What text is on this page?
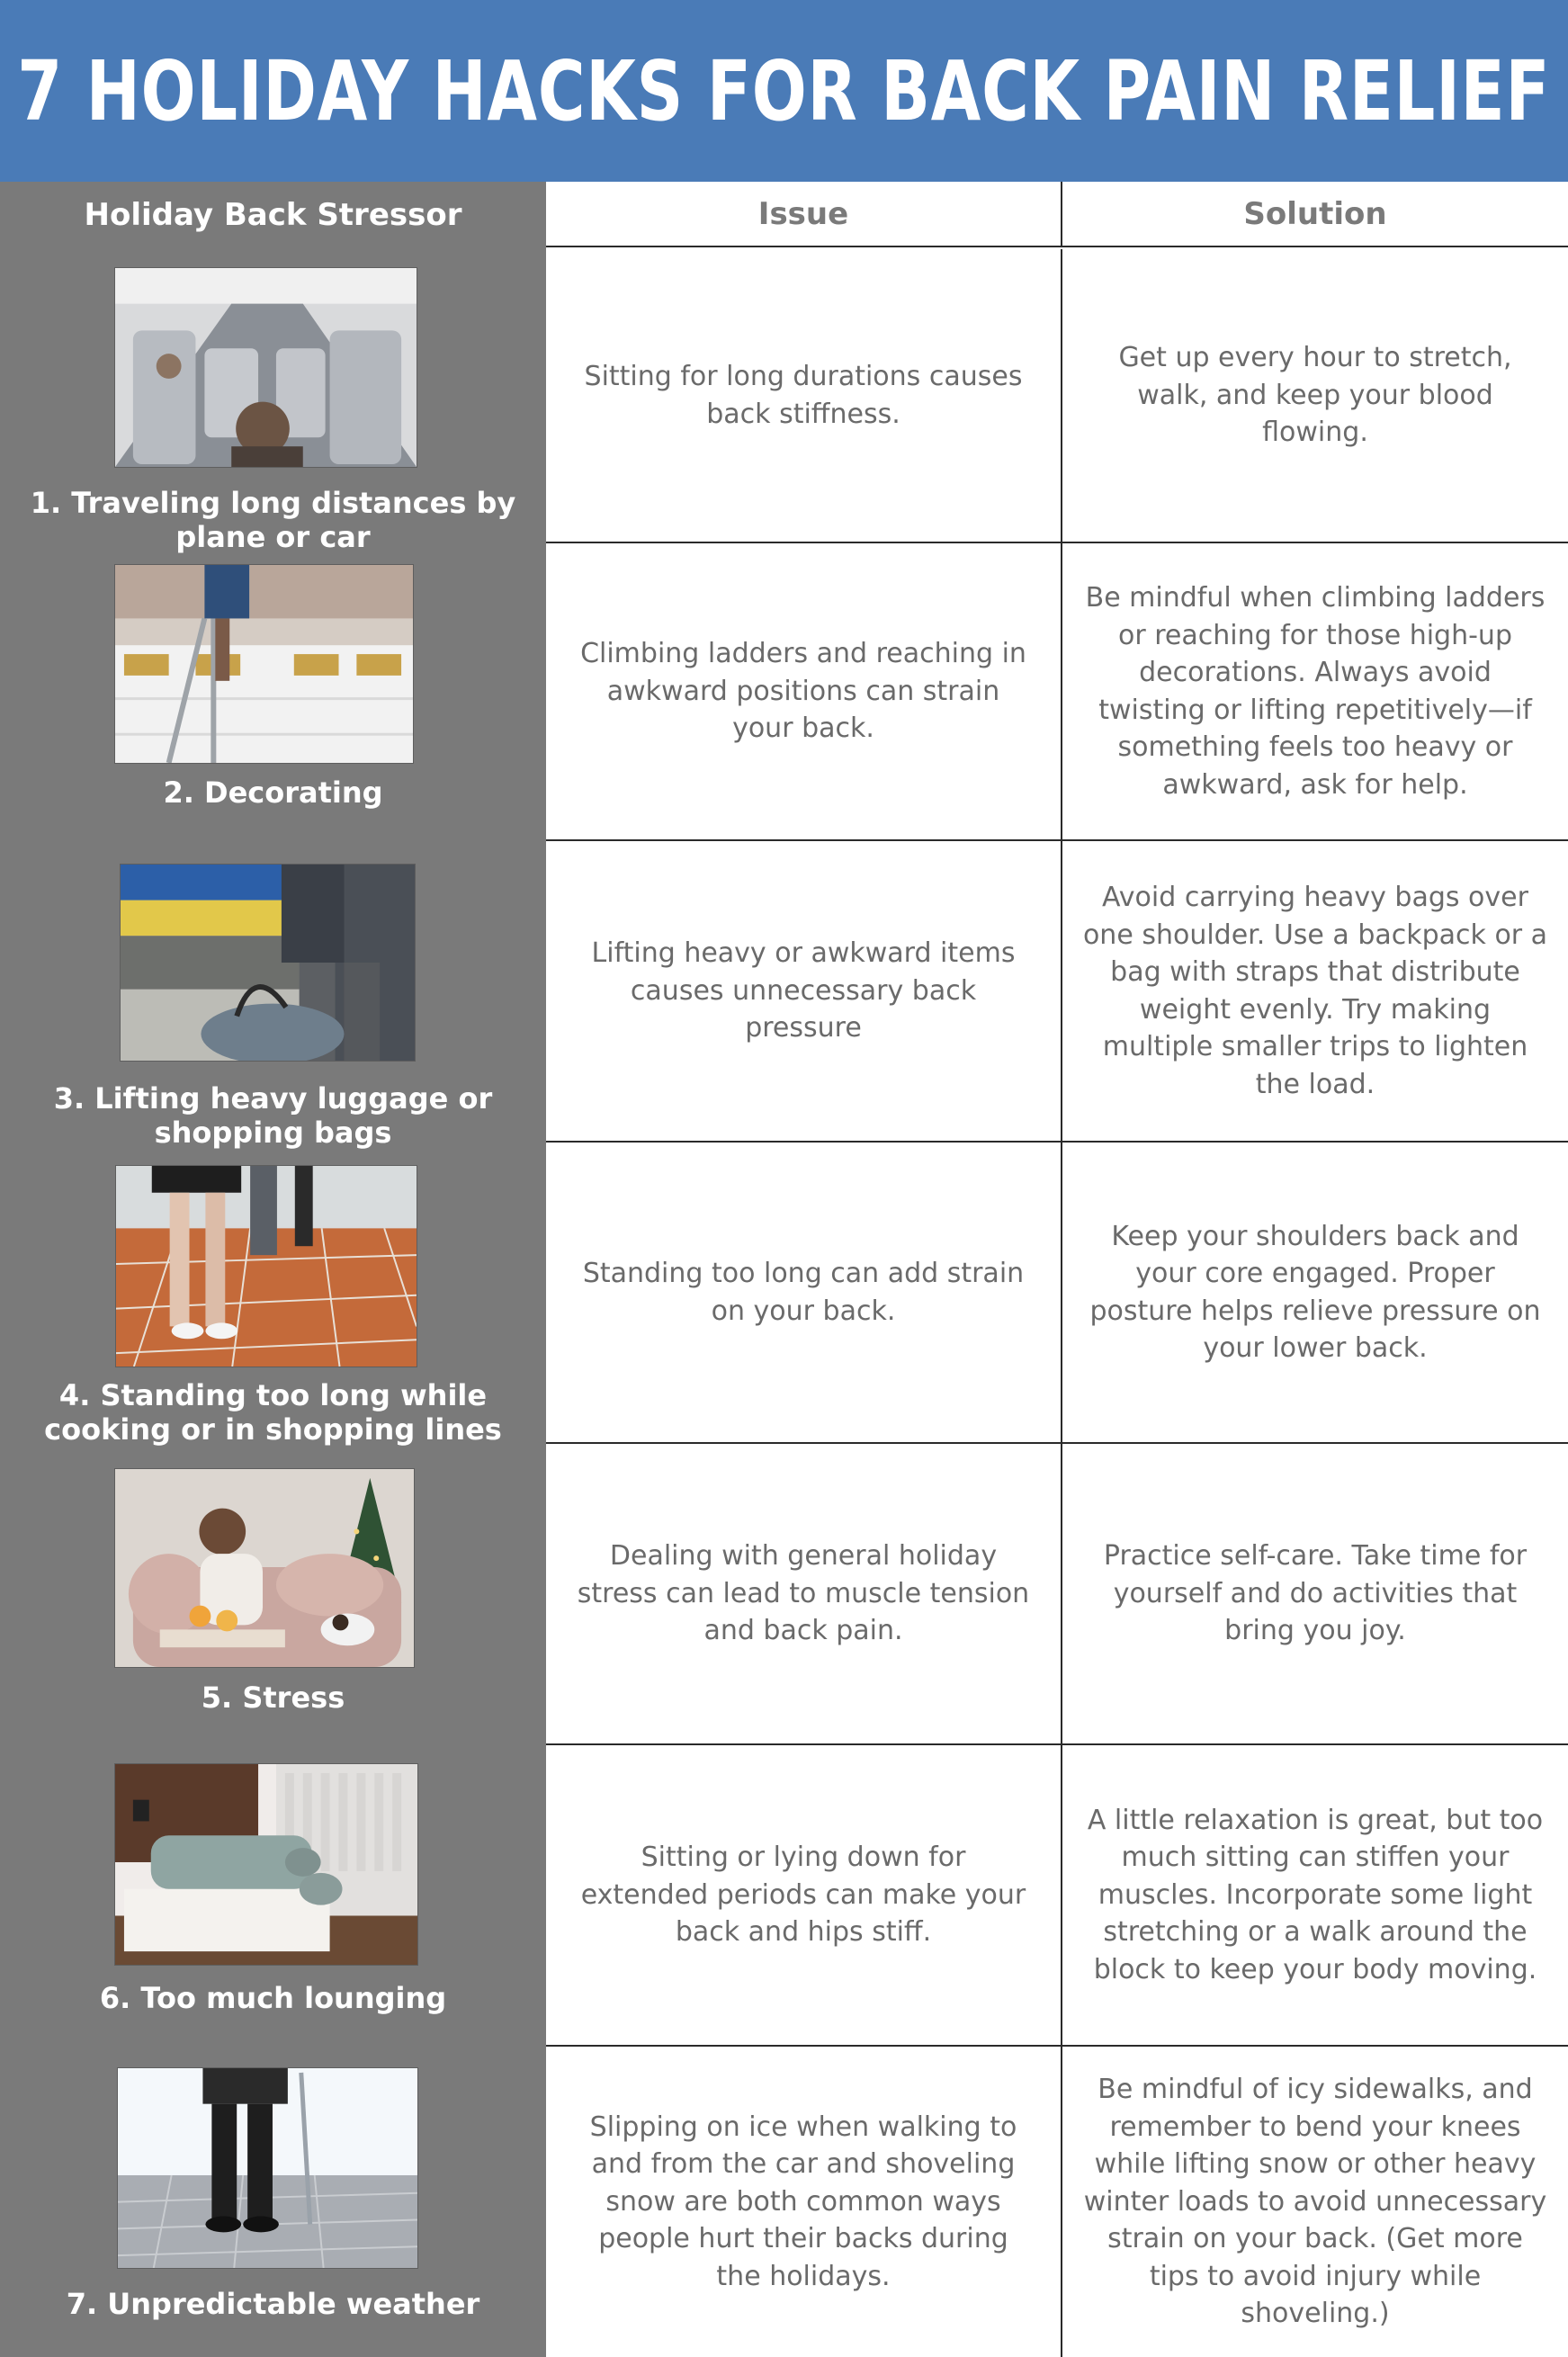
7 HOLIDAY HACKS FOR BACK PAIN RELIEF
Holiday Back Stressor	Issue	Solution
Sitting for long durations causes back stiffness.
Get up every hour to stretch, walk, and keep your blood flowing.
Climbing ladders and reaching in awkward positions can strain your back.
Be mindful when climbing ladders or reaching for those high-up decorations. Always avoid twisting or lifting repetitively—if something feels too heavy or awkward, ask for help.
Lifting heavy or awkward items causes unnecessary back pressure
Avoid carrying heavy bags over one shoulder. Use a backpack or a bag with straps that distribute weight evenly. Try making multiple smaller trips to lighten the load.
Standing too long can add strain on your back.
Keep your shoulders back and your core engaged. Proper posture helps relieve pressure on your lower back.
Dealing with general holiday stress can lead to muscle tension and back pain.
Practice self-care. Take time for yourself and do activities that bring you joy.
Sitting or lying down for extended periods can make your back and hips stiff.
A little relaxation is great, but too much sitting can stiffen your muscles. Incorporate some light stretching or a walk around the block to keep your body moving.
Slipping on ice when walking to and from the car and shoveling snow are both common ways people hurt their backs during the holidays.
Be mindful of icy sidewalks, and remember to bend your knees while lifting snow or other heavy winter loads to avoid unnecessary strain on your back. (Get more tips to avoid injury while shoveling.)
1. Traveling long distances by plane or car
2. Decorating
3. Lifting heavy luggage or shopping bags
4. Standing too long while cooking or in shopping lines
5. Stress
6. Too much lounging
7. Unpredictable weather
